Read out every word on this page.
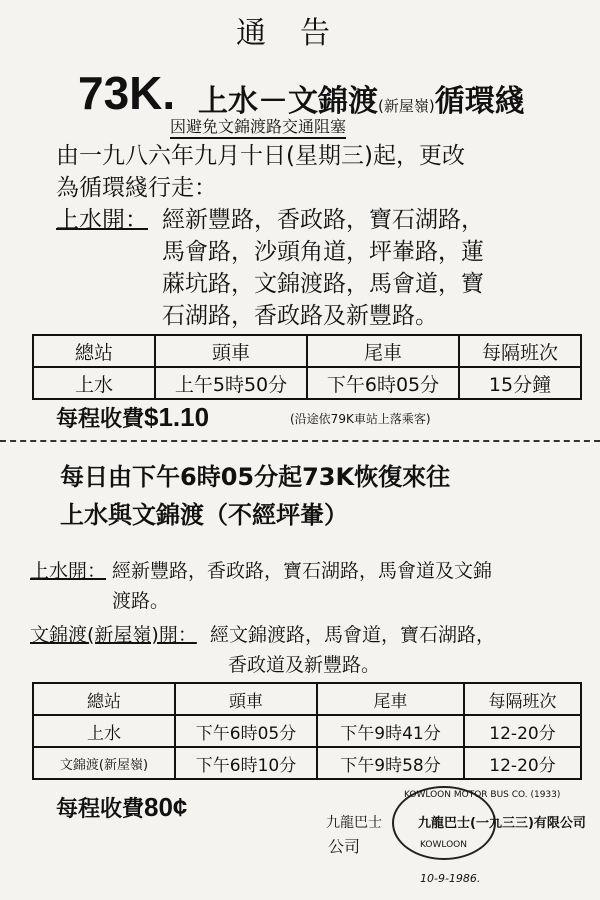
通告
73K. 上水－文錦渡(新屋嶺)循環綫
因避免文錦渡路交通阻塞
由一九八六年九月十日(星期三)起，更改
為循環綫行走：
上水開： 經新豐路，香政路，寶石湖路，
馬會路，沙頭角道，坪輋路，蓮
蔴坑路，文錦渡路，馬會道，寶
石湖路，香政路及新豐路。
總站	頭車	尾車	每隔班次
上水	上午5時50分	下午6時05分	15分鐘
每程收費$1.10	(沿途依79K車站上落乘客)
每日由下午6時05分起73K恢復來往
上水與文錦渡（不經坪輋）
上水開： 經新豐路，香政路，寶石湖路，馬會道及文錦
渡路。
文錦渡(新屋嶺)開： 經文錦渡路，馬會道，寶石湖路，
香政道及新豐路。
總站	頭車	尾車	每隔班次
上水	下午6時05分	下午9時41分	12-20分
文錦渡(新屋嶺)	下午6時10分	下午9時58分	12-20分
每程收費80¢
九龍巴士
公司
KOWLOON MOTOR BUS CO. (1933)
九龍巴士(一九三三)有限公司
KOWLOON
10-9-1986.
